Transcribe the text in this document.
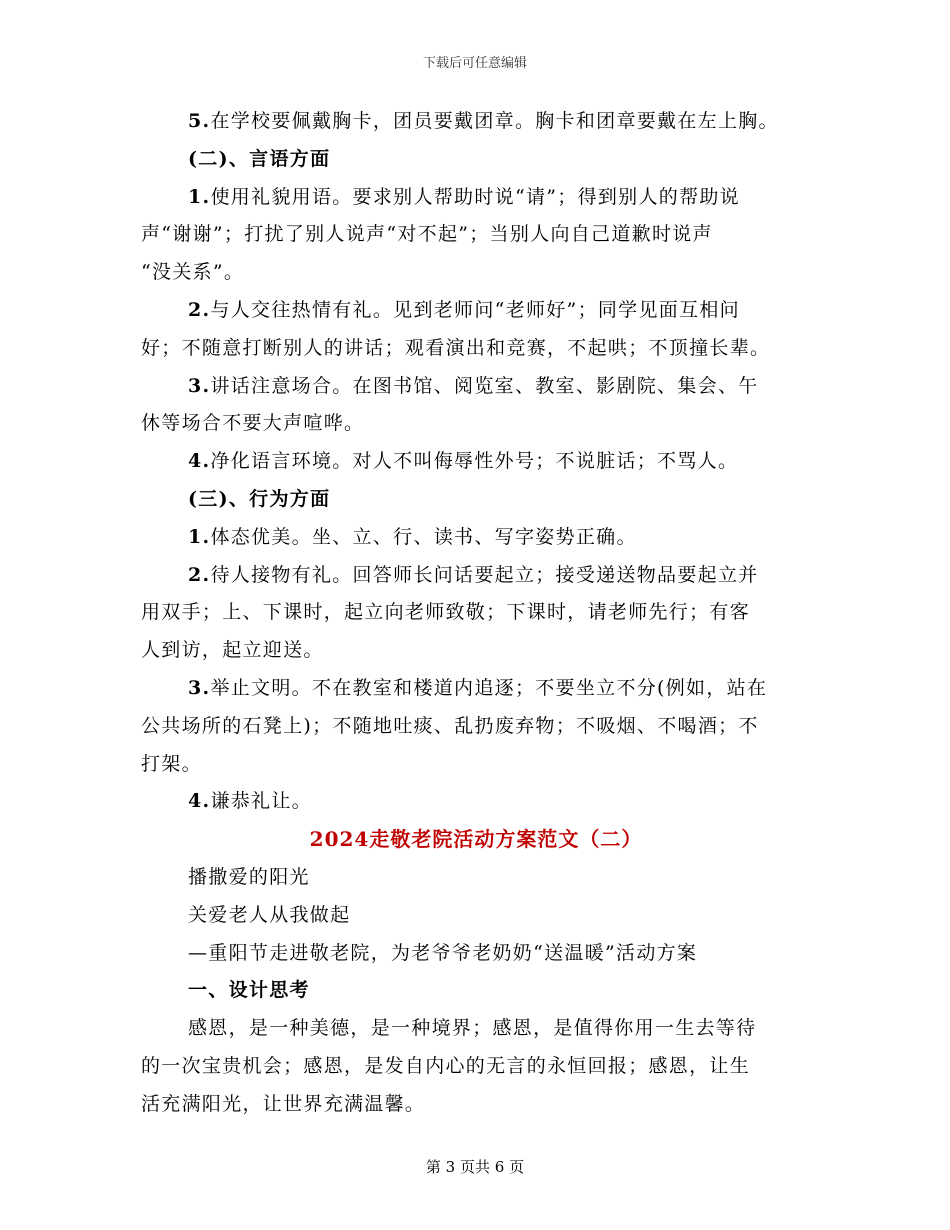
下载后可任意编辑
5.在学校要佩戴胸卡，团员要戴团章。胸卡和团章要戴在左上胸。
(二)、言语方面
1.使用礼貌用语。要求别人帮助时说“请”；得到别人的帮助说
声“谢谢”；打扰了别人说声“对不起”；当别人向自己道歉时说声
“没关系”。
2.与人交往热情有礼。见到老师问“老师好”；同学见面互相问
好；不随意打断别人的讲话；观看演出和竞赛，不起哄；不顶撞长辈。
3.讲话注意场合。在图书馆、阅览室、教室、影剧院、集会、午
休等场合不要大声喧哗。
4.净化语言环境。对人不叫侮辱性外号；不说脏话；不骂人。
(三)、行为方面
1.体态优美。坐、立、行、读书、写字姿势正确。
2.待人接物有礼。回答师长问话要起立；接受递送物品要起立并
用双手；上、下课时，起立向老师致敬；下课时，请老师先行；有客
人到访，起立迎送。
3.举止文明。不在教室和楼道内追逐；不要坐立不分(例如，站在
公共场所的石凳上)；不随地吐痰、乱扔废弃物；不吸烟、不喝酒；不
打架。
4.谦恭礼让。
2024走敬老院活动方案范文（二）
播撒爱的阳光
关爱老人从我做起
—重阳节走进敬老院，为老爷爷老奶奶“送温暖”活动方案
一、设计思考
感恩，是一种美德，是一种境界；感恩，是值得你用一生去等待
的一次宝贵机会；感恩，是发自内心的无言的永恒回报；感恩，让生
活充满阳光，让世界充满温馨。
第 3 页共 6 页
